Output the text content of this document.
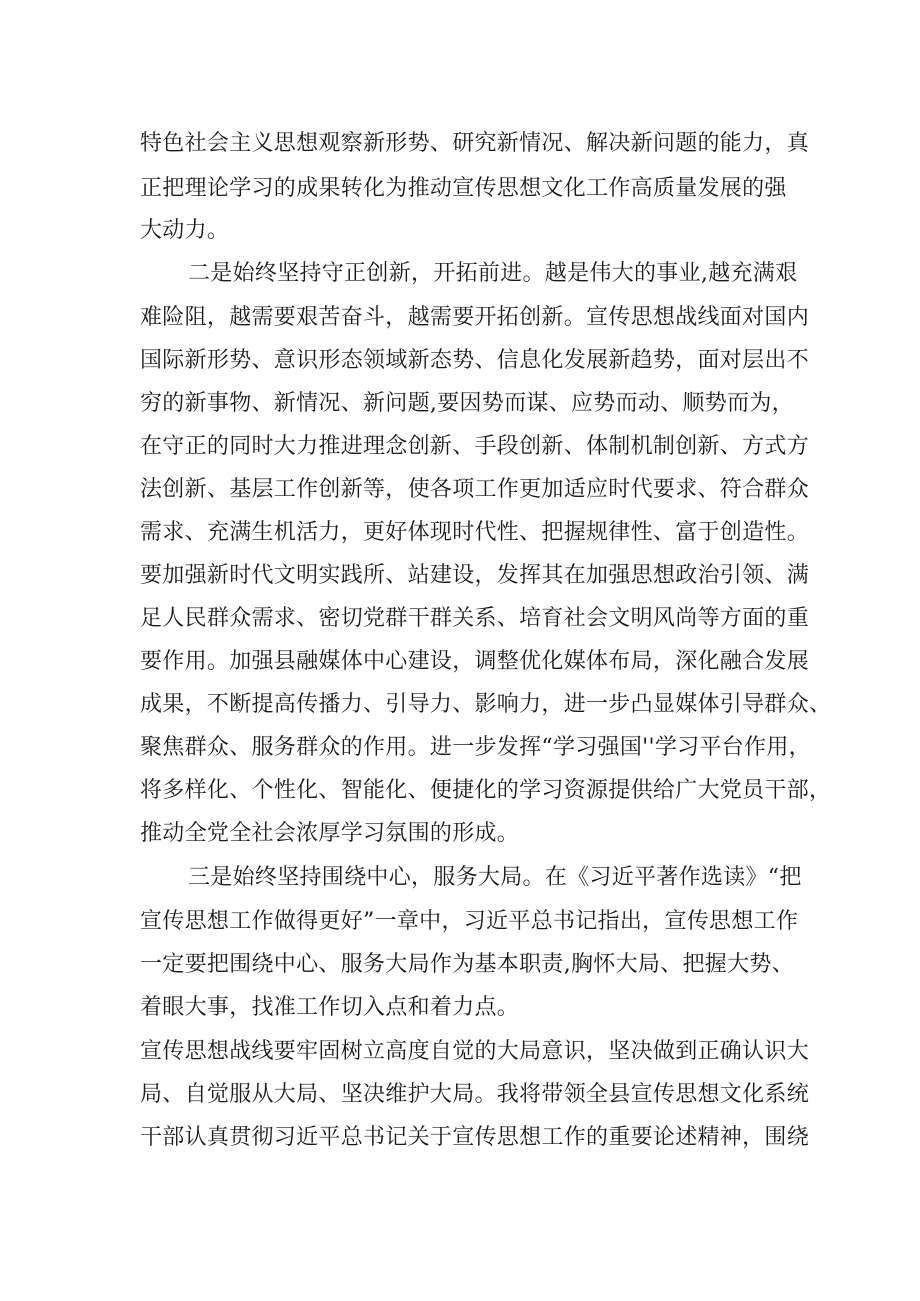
特色社会主义思想观察新形势、研究新情况、解决新问题的能力，真
正把理论学习的成果转化为推动宣传思想文化工作高质量发展的强
大动力。
二是始终坚持守正创新，开拓前进。越是伟大的事业,越充满艰
难险阻，越需要艰苦奋斗，越需要开拓创新。宣传思想战线面对国内
国际新形势、意识形态领域新态势、信息化发展新趋势，面对层出不
穷的新事物、新情况、新问题,要因势而谋、应势而动、顺势而为，
在守正的同时大力推进理念创新、手段创新、体制机制创新、方式方
法创新、基层工作创新等，使各项工作更加适应时代要求、符合群众
需求、充满生机活力，更好体现时代性、把握规律性、富于创造性。
要加强新时代文明实践所、站建设，发挥其在加强思想政治引领、满
足人民群众需求、密切党群干群关系、培育社会文明风尚等方面的重
要作用。加强县融媒体中心建设，调整优化媒体布局，深化融合发展
成果，不断提高传播力、引导力、影响力，进一步凸显媒体引导群众、
聚焦群众、服务群众的作用。进一步发挥“学习强国''学习平台作用，
将多样化、个性化、智能化、便捷化的学习资源提供给广大党员干部，
推动全党全社会浓厚学习氛围的形成。
三是始终坚持围绕中心，服务大局。在《习近平著作选读》“把
宣传思想工作做得更好”一章中，习近平总书记指出，宣传思想工作
一定要把围绕中心、服务大局作为基本职责,胸怀大局、把握大势、
着眼大事，找准工作切入点和着力点。
宣传思想战线要牢固树立高度自觉的大局意识，坚决做到正确认识大
局、自觉服从大局、坚决维护大局。我将带领全县宣传思想文化系统
干部认真贯彻习近平总书记关于宣传思想工作的重要论述精神，围绕
